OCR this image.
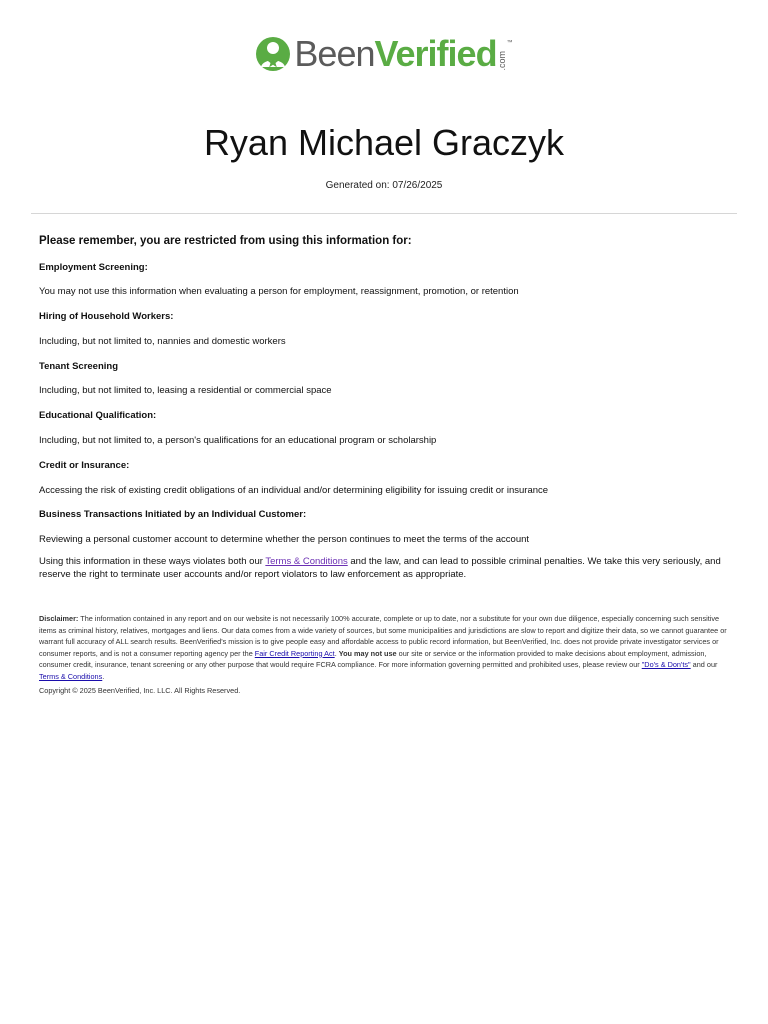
BeenVerified .com
™
Ryan Michael Graczyk
Generated on: 07/26/2025
Please remember, you are restricted from using this information for:
Employment Screening:
You may not use this information when evaluating a person for employment, reassignment, promotion, or retention
Hiring of Household Workers:
Including, but not limited to, nannies and domestic workers
Tenant Screening
Including, but not limited to, leasing a residential or commercial space
Educational Qualification:
Including, but not limited to, a person's qualifications for an educational program or scholarship
Credit or Insurance:
Accessing the risk of existing credit obligations of an individual and/or determining eligibility for issuing credit or insurance
Business Transactions Initiated by an Individual Customer:
Reviewing a personal customer account to determine whether the person continues to meet the terms of the account
Using this information in these ways violates both our Terms & Conditions and the law, and can lead to possible criminal penalties. We take this very seriously, and reserve the right to terminate user accounts and/or report violators to law enforcement as appropriate.
Disclaimer: The information contained in any report and on our website is not necessarily 100% accurate, complete or up to date, nor a substitute for your own due diligence, especially concerning such sensitive items as criminal history, relatives, mortgages and liens. Our data comes from a wide variety of sources, but some municipalities and jurisdictions are slow to report and digitize their data, so we cannot guarantee or warrant full accuracy of ALL search results. BeenVerified's mission is to give people easy and affordable access to public record information, but BeenVerified, Inc. does not provide private investigator services or consumer reports, and is not a consumer reporting agency per the Fair Credit Reporting Act. You may not use our site or service or the information provided to make decisions about employment, admission, consumer credit, insurance, tenant screening or any other purpose that would require FCRA compliance. For more information governing permitted and prohibited uses, please review our "Do's & Don'ts" and our Terms & Conditions.
Copyright © 2025 BeenVerified, Inc. LLC. All Rights Reserved.
